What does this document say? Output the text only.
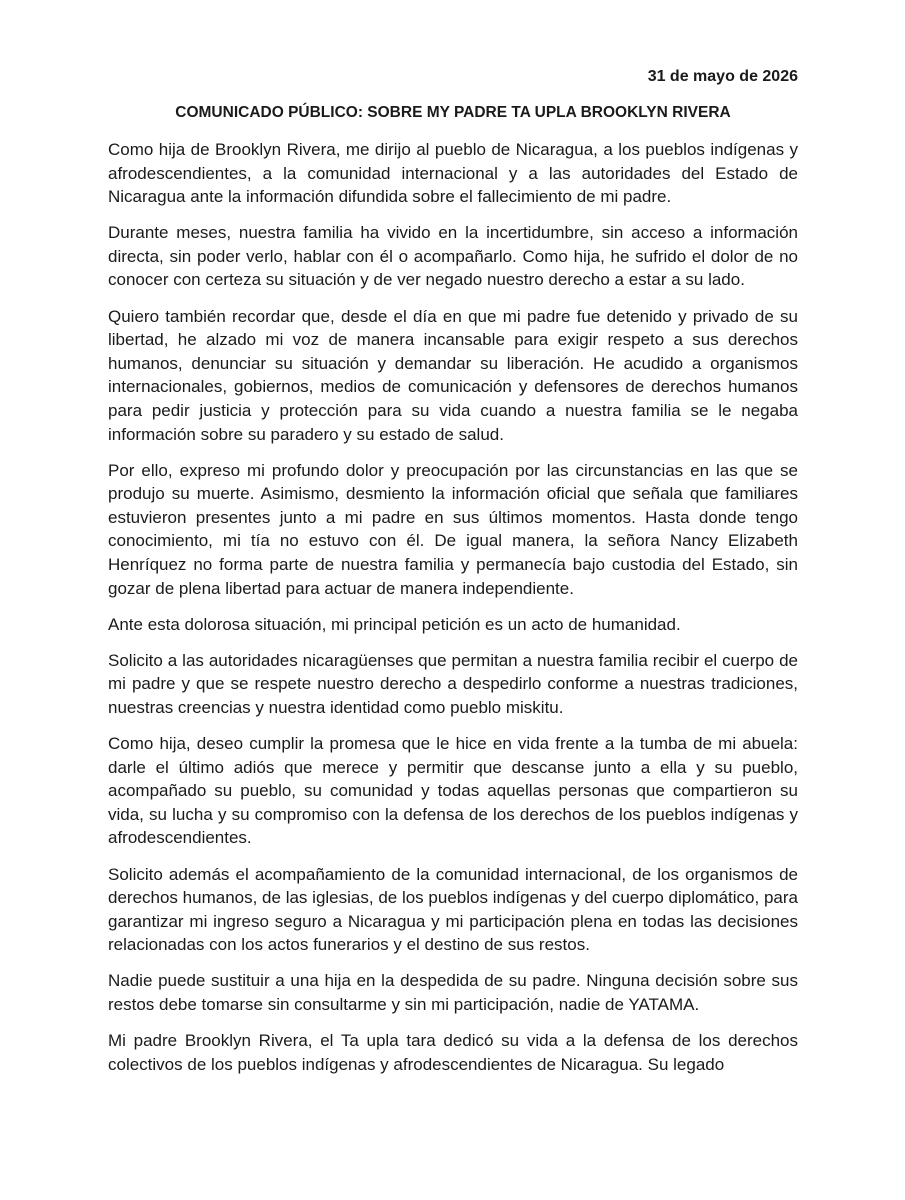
31 de mayo de 2026
COMUNICADO PÚBLICO: SOBRE MY PADRE TA UPLA BROOKLYN RIVERA

Como hija de Brooklyn Rivera, me dirijo al pueblo de Nicaragua, a los pueblos indígenas y afrodescendientes, a la comunidad internacional y a las autoridades del Estado de Nicaragua ante la información difundida sobre el fallecimiento de mi padre.

Durante meses, nuestra familia ha vivido en la incertidumbre, sin acceso a información directa, sin poder verlo, hablar con él o acompañarlo. Como hija, he sufrido el dolor de no conocer con certeza su situación y de ver negado nuestro derecho a estar a su lado.

Quiero también recordar que, desde el día en que mi padre fue detenido y privado de su libertad, he alzado mi voz de manera incansable para exigir respeto a sus derechos humanos, denunciar su situación y demandar su liberación. He acudido a organismos internacionales, gobiernos, medios de comunicación y defensores de derechos humanos para pedir justicia y protección para su vida cuando a nuestra familia se le negaba información sobre su paradero y su estado de salud.

Por ello, expreso mi profundo dolor y preocupación por las circunstancias en las que se produjo su muerte. Asimismo, desmiento la información oficial que señala que familiares estuvieron presentes junto a mi padre en sus últimos momentos. Hasta donde tengo conocimiento, mi tía no estuvo con él. De igual manera, la señora Nancy Elizabeth Henríquez no forma parte de nuestra familia y permanecía bajo custodia del Estado, sin gozar de plena libertad para actuar de manera independiente.

Ante esta dolorosa situación, mi principal petición es un acto de humanidad.

Solicito a las autoridades nicaragüenses que permitan a nuestra familia recibir el cuerpo de mi padre y que se respete nuestro derecho a despedirlo conforme a nuestras tradiciones, nuestras creencias y nuestra identidad como pueblo miskitu.

Como hija, deseo cumplir la promesa que le hice en vida frente a la tumba de mi abuela: darle el último adiós que merece y permitir que descanse junto a ella y su pueblo, acompañado su pueblo, su comunidad y todas aquellas personas que compartieron su vida, su lucha y su compromiso con la defensa de los derechos de los pueblos indígenas y afrodescendientes.

Solicito además el acompañamiento de la comunidad internacional, de los organismos de derechos humanos, de las iglesias, de los pueblos indígenas y del cuerpo diplomático, para garantizar mi ingreso seguro a Nicaragua y mi participación plena en todas las decisiones relacionadas con los actos funerarios y el destino de sus restos.

Nadie puede sustituir a una hija en la despedida de su padre. Ninguna decisión sobre sus restos debe tomarse sin consultarme y sin mi participación, nadie de YATAMA.

Mi padre Brooklyn Rivera, el Ta upla tara dedicó su vida a la defensa de los derechos colectivos de los pueblos indígenas y afrodescendientes de Nicaragua. Su legado
